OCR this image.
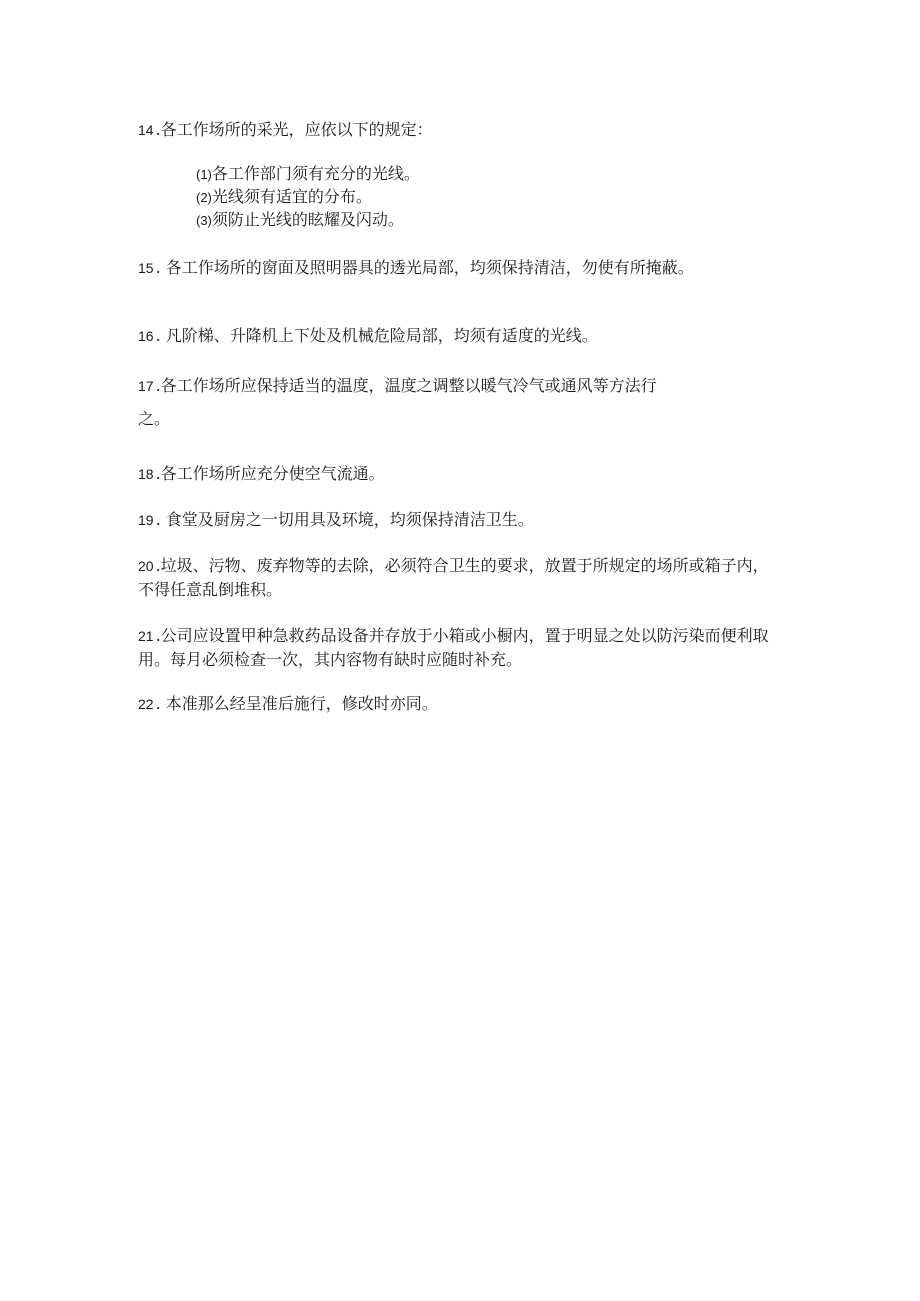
14 .各工作场所的采光，应依以下的规定：
(1)各工作部门须有充分的光线。
(2)光线须有适宜的分布。
(3)须防止光线的眩耀及闪动。
15 . 各工作场所的窗面及照明器具的透光局部，均须保持清洁，勿使有所掩蔽。
16 . 凡阶梯、升降机上下处及机械危险局部，均须有适度的光线。
17 .各工作场所应保持适当的温度，温度之调整以暖气冷气或通风等方法行
之。
18 .各工作场所应充分使空气流通。
19 . 食堂及厨房之一切用具及环境，均须保持清洁卫生。
20 .垃圾、污物、废弃物等的去除，必须符合卫生的要求，放置于所规定的场所或箱子内，不得任意乱倒堆积。
21 .公司应设置甲种急救药品设备并存放于小箱或小橱内，置于明显之处以防污染而便利取用。每月必须检查一次，其内容物有缺时应随时补充。
22 . 本准那么经呈准后施行，修改时亦同。
